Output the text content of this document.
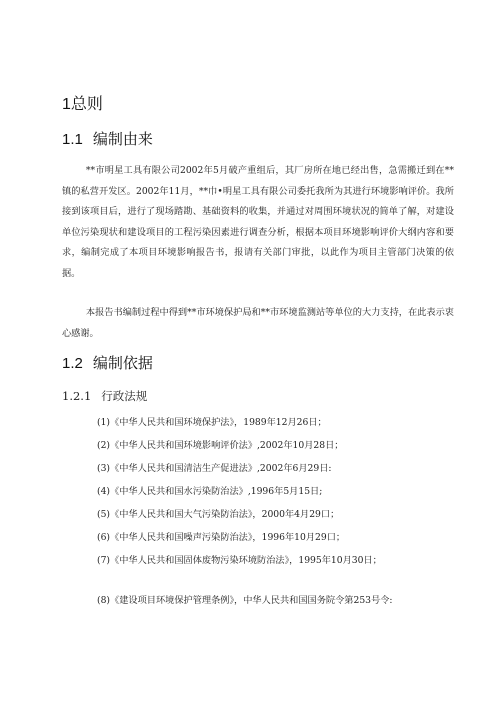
1总则
1.1 编制由来

**市明星工具有限公司2002年5月破产重组后，其厂房所在地已经出售，急需搬迁到在**镇的私营开发区。2002年11月，**巾•明星工具有限公司委托我所为其进行环境影响评价。我所接到该项目后，进行了现场踏勘、基础资料的收集，并通过对周围环境状况的简单了解，对建设单位污染现状和建设项目的工程污染因素进行调查分析，根据本项目环境影响评价大纲内容和要求，编制完成了本项目环境影响报告书，报请有关部门审批，以此作为项目主管部门决策的依据。

本报告书编制过程中得到**市环境保护局和**市环境监测站等单位的大力支持，在此表示衷心感谢。

1.2 编制依据
1.2.1 行政法规

(1)《中华人民共和国环境保护法》，1989年12月26日；

(2)《中华人民共和国环境影响评价法》,2002年10月28日；

(3)《中华人民共和国清洁生产促进法》,2002年6月29日:

(4)《中华人民共和国水污染防治法》,1996年5月15日;

(5)《中华人民共和国大气污染防治法》，2000年4月29口；

(6)《中华人民共和国噪声污染防治法》，1996年10月29口；

(7)《中华人民共和国固体废物污染环境防治法》，1995年10月30日；

(8)《建设项目环境保护管理条例》，中华人民共和国国务院令第253号令:
